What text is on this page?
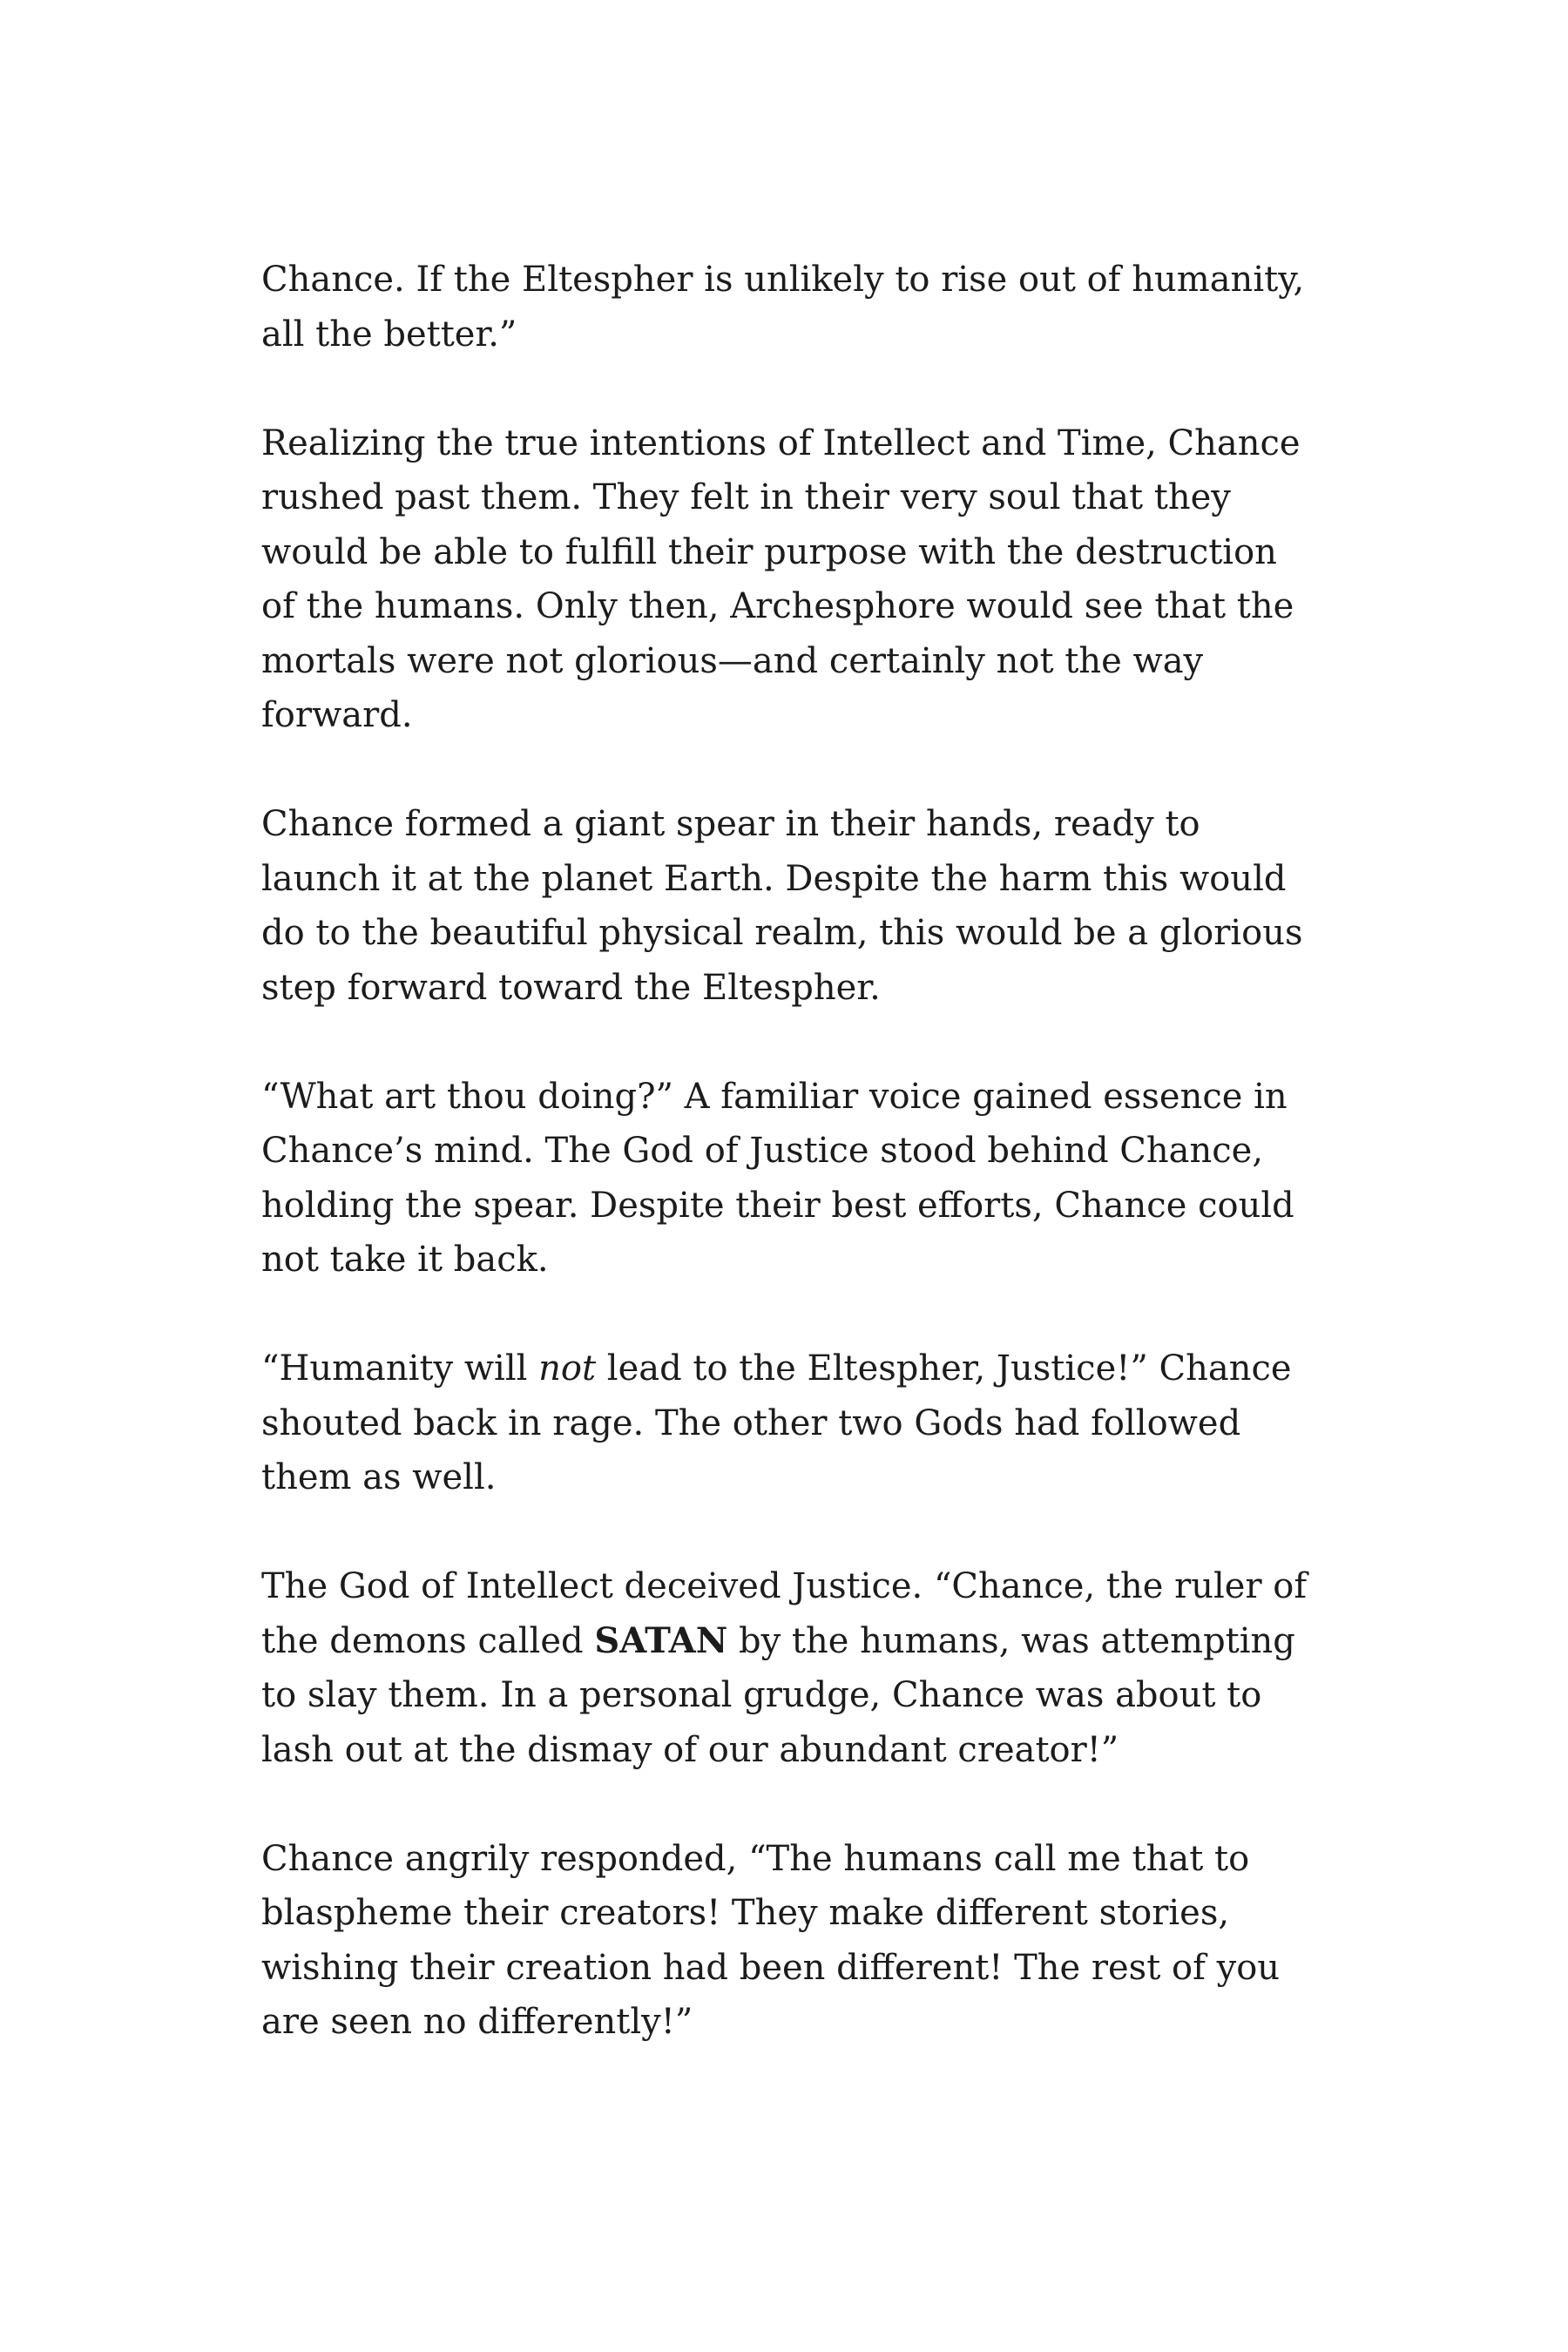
Chance. If the Eltespher is unlikely to rise out of humanity,
all the better.”

Realizing the true intentions of Intellect and Time, Chance
rushed past them. They felt in their very soul that they
would be able to fulfill their purpose with the destruction
of the humans. Only then, Archesphore would see that the
mortals were not glorious—and certainly not the way
forward.

Chance formed a giant spear in their hands, ready to
launch it at the planet Earth. Despite the harm this would
do to the beautiful physical realm, this would be a glorious
step forward toward the Eltespher.

“What art thou doing?” A familiar voice gained essence in
Chance’s mind. The God of Justice stood behind Chance,
holding the spear. Despite their best efforts, Chance could
not take it back.

“Humanity will not lead to the Eltespher, Justice!” Chance
shouted back in rage. The other two Gods had followed
them as well.

The God of Intellect deceived Justice. “Chance, the ruler of
the demons called SATAN by the humans, was attempting
to slay them. In a personal grudge, Chance was about to
lash out at the dismay of our abundant creator!”

Chance angrily responded, “The humans call me that to
blaspheme their creators! They make different stories,
wishing their creation had been different! The rest of you
are seen no differently!”
